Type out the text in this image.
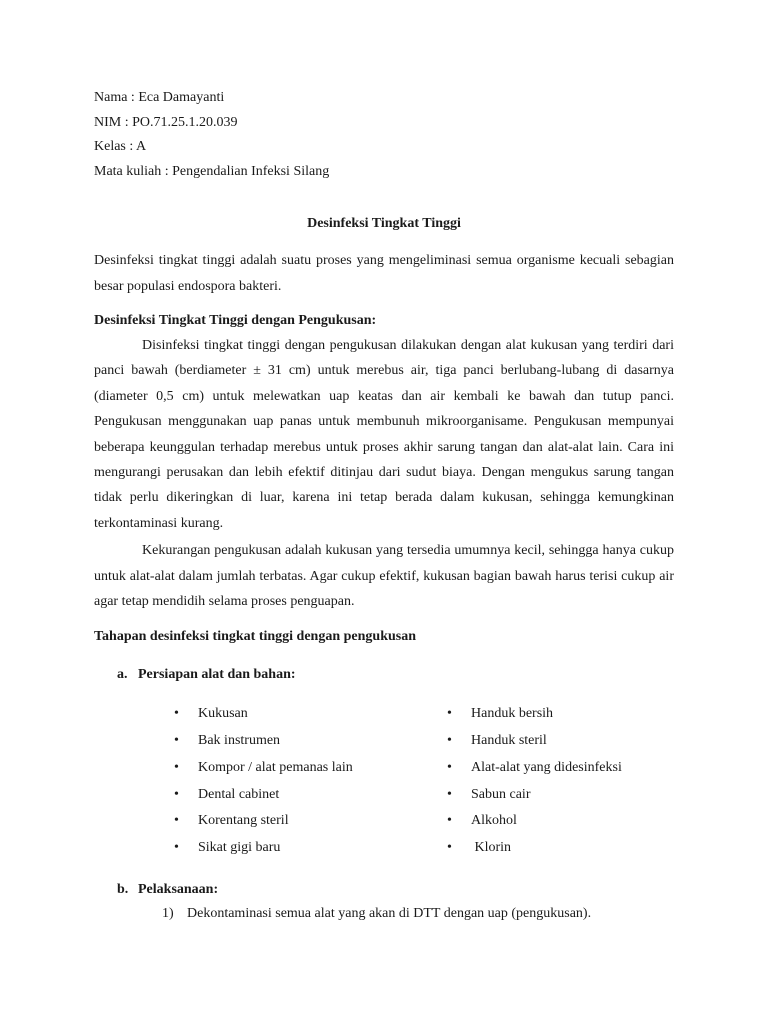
Nama : Eca Damayanti

NIM : PO.71.25.1.20.039

Kelas : A

Mata kuliah : Pengendalian Infeksi Silang

Desinfeksi Tingkat Tinggi
Desinfeksi tingkat tinggi adalah suatu proses yang mengeliminasi semua organisme kecuali sebagian besar populasi endospora bakteri.
Desinfeksi Tingkat Tinggi dengan Pengukusan:

Disinfeksi tingkat tinggi dengan pengukusan dilakukan dengan alat kukusan yang terdiri dari panci bawah (berdiameter ± 31 cm) untuk merebus air, tiga panci berlubang-lubang di dasarnya (diameter 0,5 cm) untuk melewatkan uap keatas dan air kembali ke bawah dan tutup panci. Pengukusan menggunakan uap panas untuk membunuh mikroorganisame. Pengukusan mempunyai beberapa keunggulan terhadap merebus untuk proses akhir sarung tangan dan alat-alat lain. Cara ini mengurangi perusakan dan lebih efektif ditinjau dari sudut biaya. Dengan mengukus sarung tangan tidak perlu dikeringkan di luar, karena ini tetap berada dalam kukusan, sehingga kemungkinan terkontaminasi kurang.

Kekurangan pengukusan adalah kukusan yang tersedia umumnya kecil, sehingga hanya cukup untuk alat-alat dalam jumlah terbatas. Agar cukup efektif, kukusan bagian bawah harus terisi cukup air agar tetap mendidih selama proses penguapan.

Tahapan desinfeksi tingkat tinggi dengan pengukusan
a. Persiapan alat dan bahan:
• Kukusan
• Bak instrumen
• Kompor / alat pemanas lain
• Dental cabinet
• Korentang steril
• Sikat gigi baru
• Handuk bersih
• Handuk steril
• Alat-alat yang didesinfeksi
• Sabun cair
• Alkohol
• Klorin
b. Pelaksanaan:
1) Dekontaminasi semua alat yang akan di DTT dengan uap (pengukusan).
